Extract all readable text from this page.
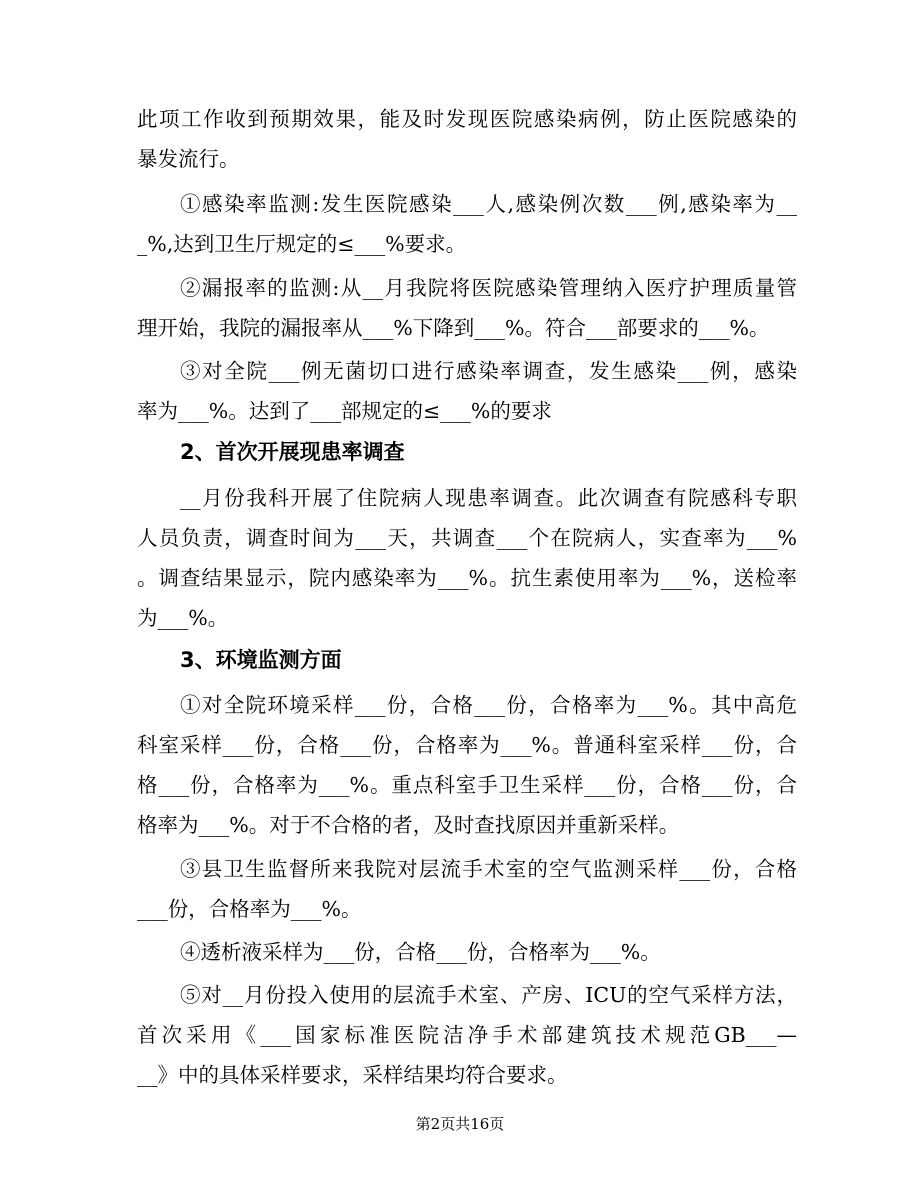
此项工作收到预期效果，能及时发现医院感染病例，防止医院感染的
暴发流行。
①感染率监测:发生医院感染___人,感染例次数___例,感染率为__
_%,达到卫生厅规定的≤___%要求。
②漏报率的监测:从__月我院将医院感染管理纳入医疗护理质量管
理开始，我院的漏报率从___%下降到___%。符合___部要求的___%。
③对全院___例无菌切口进行感染率调查，发生感染___例，感染
率为___%。达到了___部规定的≤___%的要求
2、首次开展现患率调查
__月份我科开展了住院病人现患率调查。此次调查有院感科专职
人员负责，调查时间为___天，共调查___个在院病人，实查率为___%
。调查结果显示，院内感染率为___%。抗生素使用率为___%，送检率
为___%。
3、环境监测方面
①对全院环境采样___份，合格___份，合格率为___%。其中高危
科室采样___份，合格___份，合格率为___%。普通科室采样___份，合
格___份，合格率为___%。重点科室手卫生采样___份，合格___份，合
格率为___%。对于不合格的者，及时查找原因并重新采样。
③县卫生监督所来我院对层流手术室的空气监测采样___份，合格
___份，合格率为___%。
④透析液采样为___份，合格___份，合格率为___%。
⑤对__月份投入使用的层流手术室、产房、ICU的空气采样方法，
首次采用《___国家标准医院洁净手术部建筑技术规范GB___—
__》中的具体采样要求，采样结果均符合要求。
第2页共16页
